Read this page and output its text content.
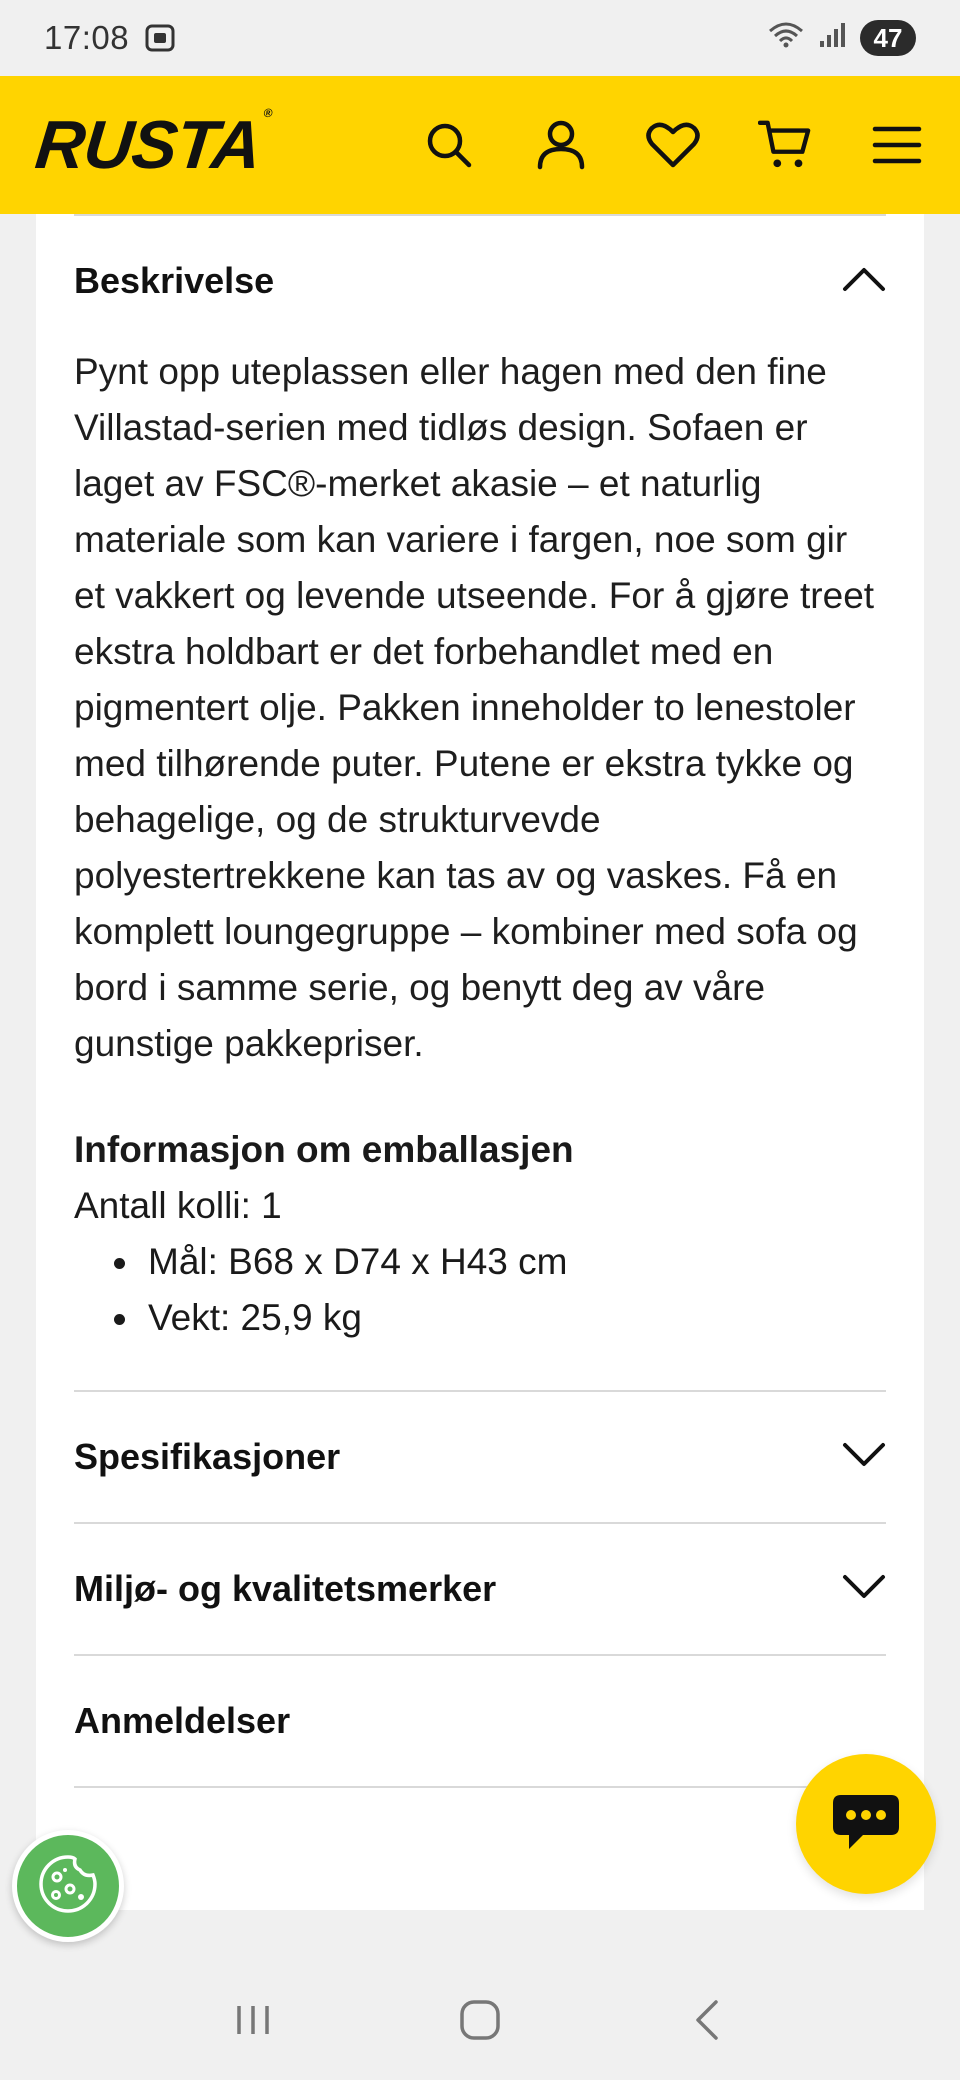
17:08	47
RUSTA®
Beskrivelse

Pynt opp uteplassen eller hagen med den fine Villastad-serien med tidløs design. Sofaen er laget av FSC®-merket akasie – et naturlig materiale som kan variere i fargen, noe som gir et vakkert og levende utseende. For å gjøre treet ekstra holdbart er det forbehandlet med en pigmentert olje. Pakken inneholder to lenestoler med tilhørende puter. Putene er ekstra tykke og behagelige, og de strukturvevde polyestertrekkene kan tas av og vaskes. Få en komplett loungegruppe – kombiner med sofa og bord i samme serie, og benytt deg av våre gunstige pakkepriser.

Informasjon om emballasjen
Antall kolli: 1
Mål: B68 x D74 x H43 cm
Vekt: 25,9 kg
Spesifikasjoner
Miljø- og kvalitetsmerker
Anmeldelser
